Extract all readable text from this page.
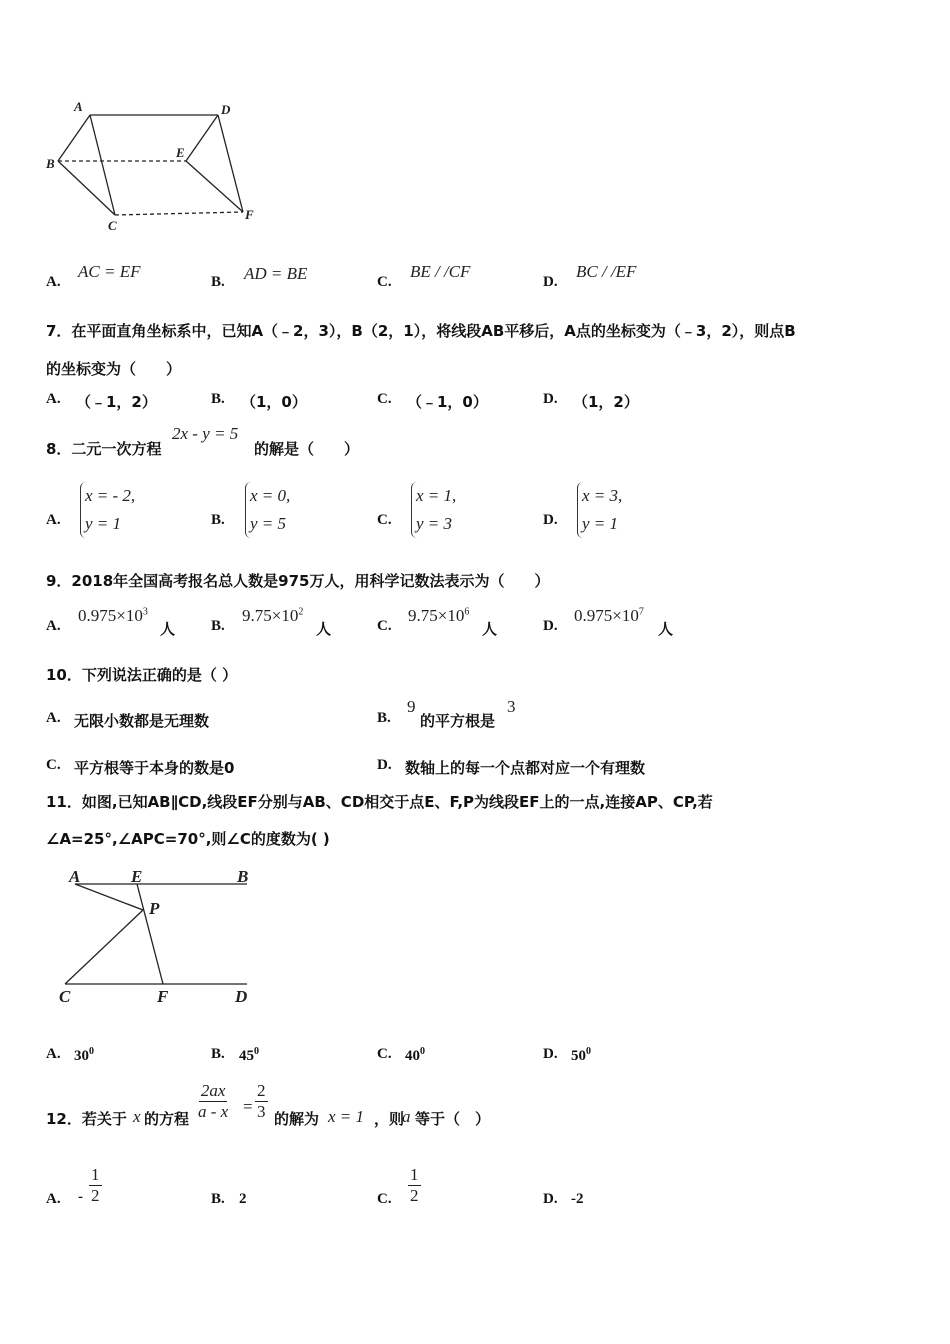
A	D
B
E
C
F
A.
AC = EF
B. AD = BE	C.
BE / /CF
D.
BC / /EF
7．在平面直角坐标系中，已知A（﹣2，3），B（2，1），将线段AB平移后，A点的坐标变为（﹣3，2），则点B
的坐标变为（　　）
A. （﹣1，2）	B. （1，0）	C. （﹣1，0）	D. （1，2）
8．二元一次方程
2x - y = 5
的解是（　　）
A.
x = - 2,
y = 1	B.
x = 0,
y = 5	C.
x = 1,
y = 3	D.
x = 3,
y = 1
9．2018年全国高考报名总人数是975万人，用科学记数法表示为（　　）
A.
$0.975\times 10^3$
人 B.
$9.75\times 10^2$
人	C.
$9.75\times 10^6$
人	D.
$0.975\times 10^7$
人
10．下列说法正确的是（ ）
A. 无限小数都是无理数	B.
9
的平方根是
3
C. 平方根等于本身的数是0	D. 数轴上的每一个点都对应一个有理数
11．如图,已知AB∥CD,线段EF分别与AB、CD相交于点E、F,P为线段EF上的一点,连接AP、CP,若
∠A=25°,∠APC=70°,则∠C的度数为( )
A	E	B
P
C	F	D
A. $30^0$	B. $45^0$	C. $40^0$	D. $50^0$
12．若关于 x 的方程 $\frac{2ax}{a - x} = \frac{2}{3}$ 的解为 x = 1 ，则
a 等于（　）
A. - $\frac{1}{2}$	B. 2	C. $\frac{1}{2}$	D. -2
